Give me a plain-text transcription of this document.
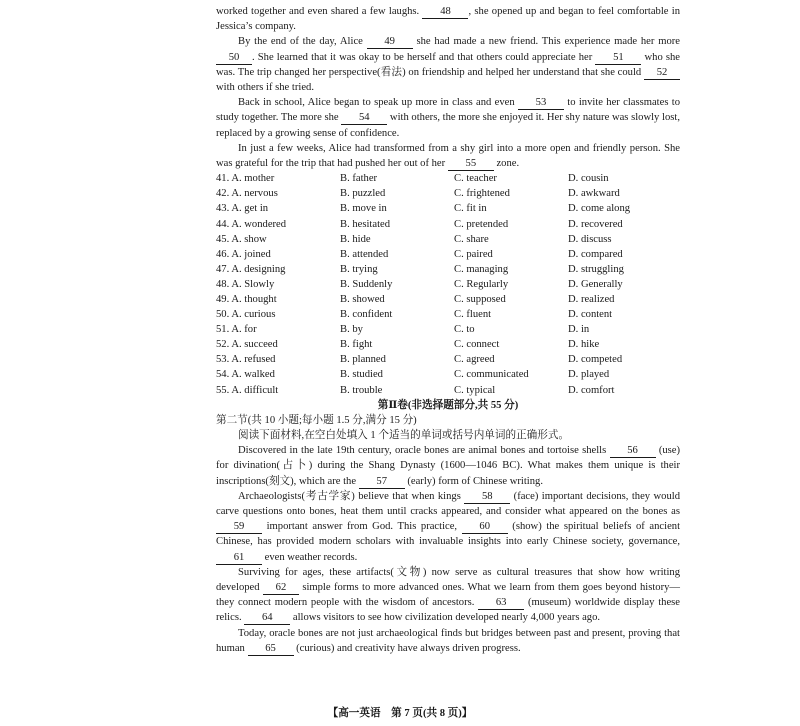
worked together and even shared a few laughs. 48 , she opened up and began to feel comfortable in Jessica’s company.

By the end of the day, Alice 49 she had made a new friend. This experience made her more 50 . She learned that it was okay to be herself and that others could appreciate her 51 who she was. The trip changed her perspective(看法) on friendship and helped her understand that she could 52 with others if she tried.

Back in school, Alice began to speak up more in class and even 53 to invite her classmates to study together. The more she 54 with others, the more she enjoyed it. Her shy nature was slowly lost, replaced by a growing sense of confidence.

In just a few weeks, Alice had transformed from a shy girl into a more open and friendly person. She was grateful for the trip that had pushed her out of her 55 zone.

41. A. mother	B. father	C. teacher	D. cousin
42. A. nervous	B. puzzled	C. frightened	D. awkward
43. A. get in	B. move in	C. fit in	D. come along
44. A. wondered	B. hesitated	C. pretended	D. recovered
45. A. show	B. hide	C. share	D. discuss
46. A. joined	B. attended	C. paired	D. compared
47. A. designing	B. trying	C. managing	D. struggling
48. A. Slowly	B. Suddenly	C. Regularly	D. Generally
49. A. thought	B. showed	C. supposed	D. realized
50. A. curious	B. confident	C. fluent	D. content
51. A. for	B. by	C. to	D. in
52. A. succeed	B. fight	C. connect	D. hike
53. A. refused	B. planned	C. agreed	D. competed
54. A. walked	B. studied	C. communicated	D. played
55. A. difficult	B. trouble	C. typical	D. comfort

第Ⅱ卷(非选择题部分,共 55 分)

第二节(共 10 小题;每小题 1.5 分,满分 15 分)

阅读下面材料,在空白处填入 1 个适当的单词或括号内单词的正确形式。

Discovered in the late 19th century, oracle bones are animal bones and tortoise shells 56 (use) for divination(占卜) during the Shang Dynasty (1600—1046 BC). What makes them unique is their inscriptions(刻文), which are the 57 (early) form of Chinese writing.

Archaeologists(考古学家) believe that when kings 58 (face) important decisions, they would carve questions onto bones, heat them until cracks appeared, and consider what appeared on the bones as 59 important answer from God. This practice, 60 (show) the spiritual beliefs of ancient Chinese, has provided modern scholars with invaluable insights into early Chinese society, governance, 61 even weather records.

Surviving for ages, these artifacts(文物) now serve as cultural treasures that show how writing developed 62 simple forms to more advanced ones. What we learn from them goes beyond history—they connect modern people with the wisdom of ancestors. 63 (museum) worldwide display these relics. 64 allows visitors to see how civilization developed nearly 4,000 years ago.

Today, oracle bones are not just archaeological finds but bridges between past and present, proving that human 65 (curious) and creativity have always driven progress.

【高一英语　第 7 页(共 8 页)】
